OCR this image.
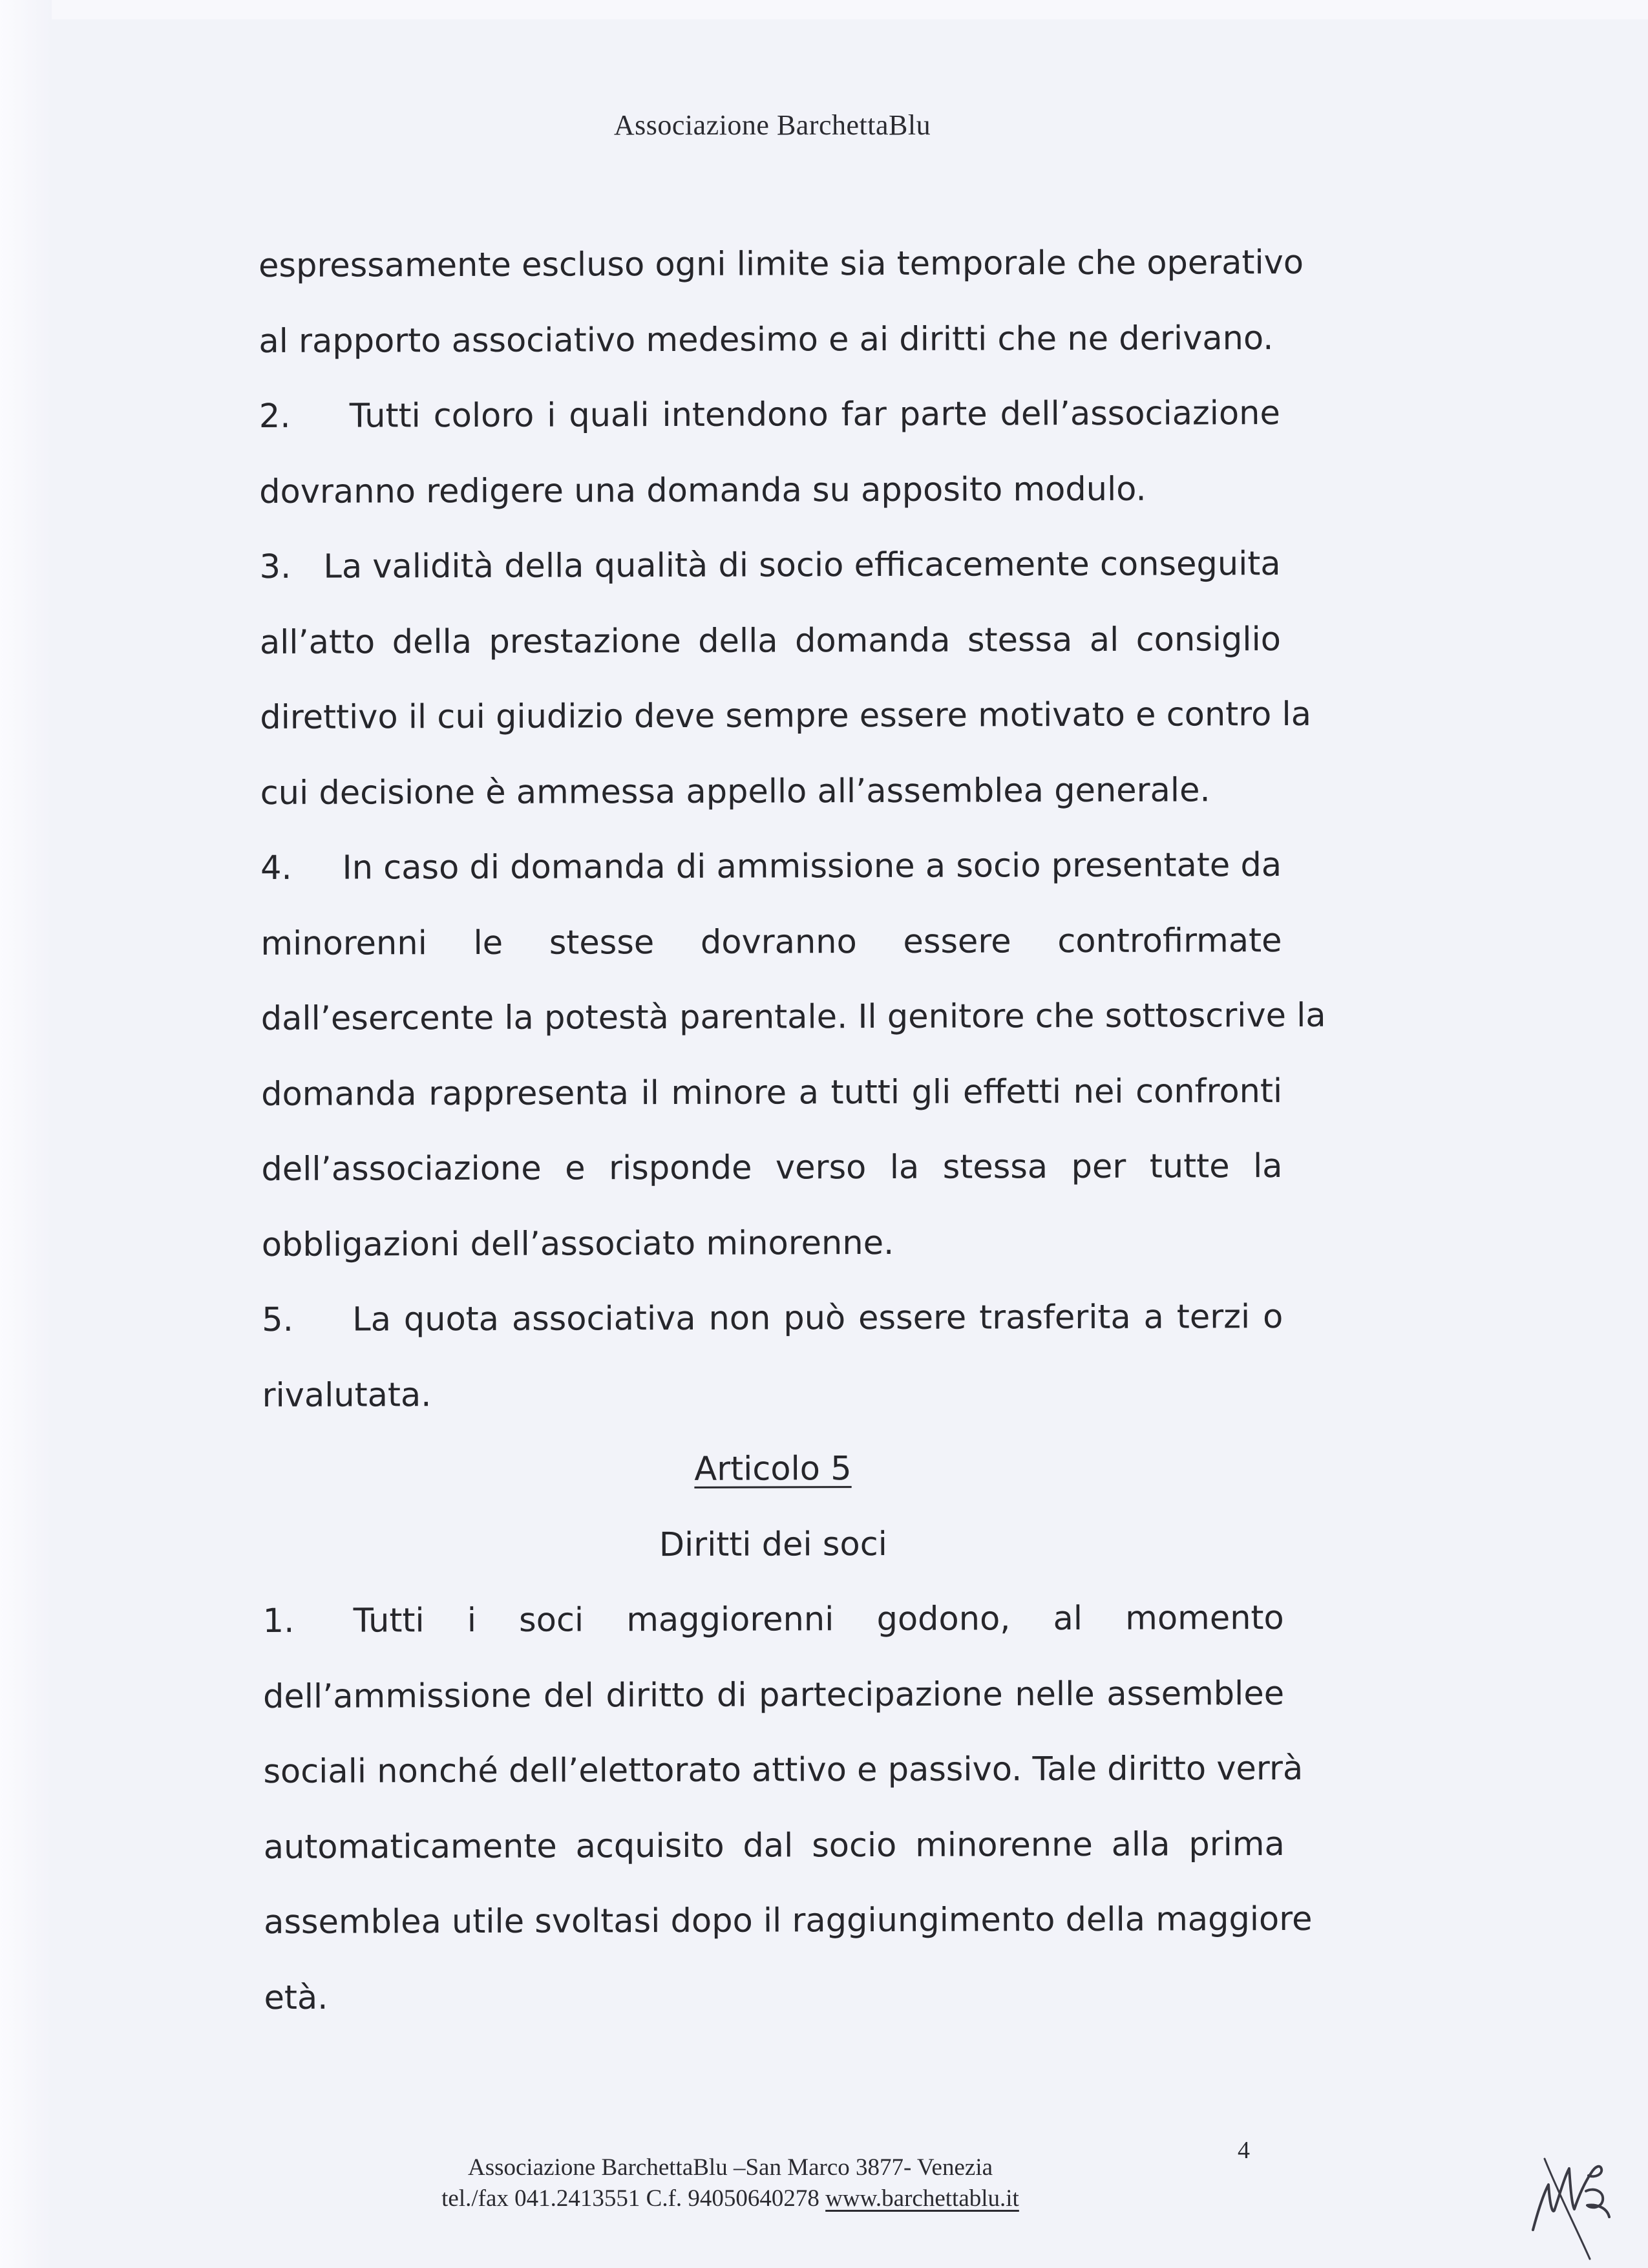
Associazione BarchettaBlu
espressamente escluso ogni limite sia temporale che operativo
al rapporto associativo medesimo e ai diritti che ne derivano.
2.	Tutti coloro i quali intendono far parte dell’associazione
dovranno redigere una domanda su apposito modulo.
3. La validità della qualità di socio efficacemente conseguita
all’atto della prestazione della domanda stessa al consiglio
direttivo il cui giudizio deve sempre essere motivato e contro la
cui decisione è ammessa appello all’assemblea generale.
4.	In caso di domanda di ammissione a socio presentate da
minorenni le stesse dovranno essere controfirmate
dall’esercente la potestà parentale. Il genitore che sottoscrive la
domanda rappresenta il minore a tutti gli effetti nei confronti
dell’associazione e risponde verso la stessa per tutte la
obbligazioni dell’associato minorenne.
5.	La quota associativa non può essere trasferita a terzi o
rivalutata.
Articolo 5
Diritti dei soci
1.	Tutti i soci maggiorenni godono, al momento
dell’ammissione del diritto di partecipazione nelle assemblee
sociali nonché dell’elettorato attivo e passivo. Tale diritto verrà
automaticamente acquisito dal socio minorenne alla prima
assemblea utile svoltasi dopo il raggiungimento della maggiore
età.
4
Associazione BarchettaBlu –San Marco 3877- Venezia
tel./fax 041.2413551 C.f. 94050640278 www.barchettablu.it
